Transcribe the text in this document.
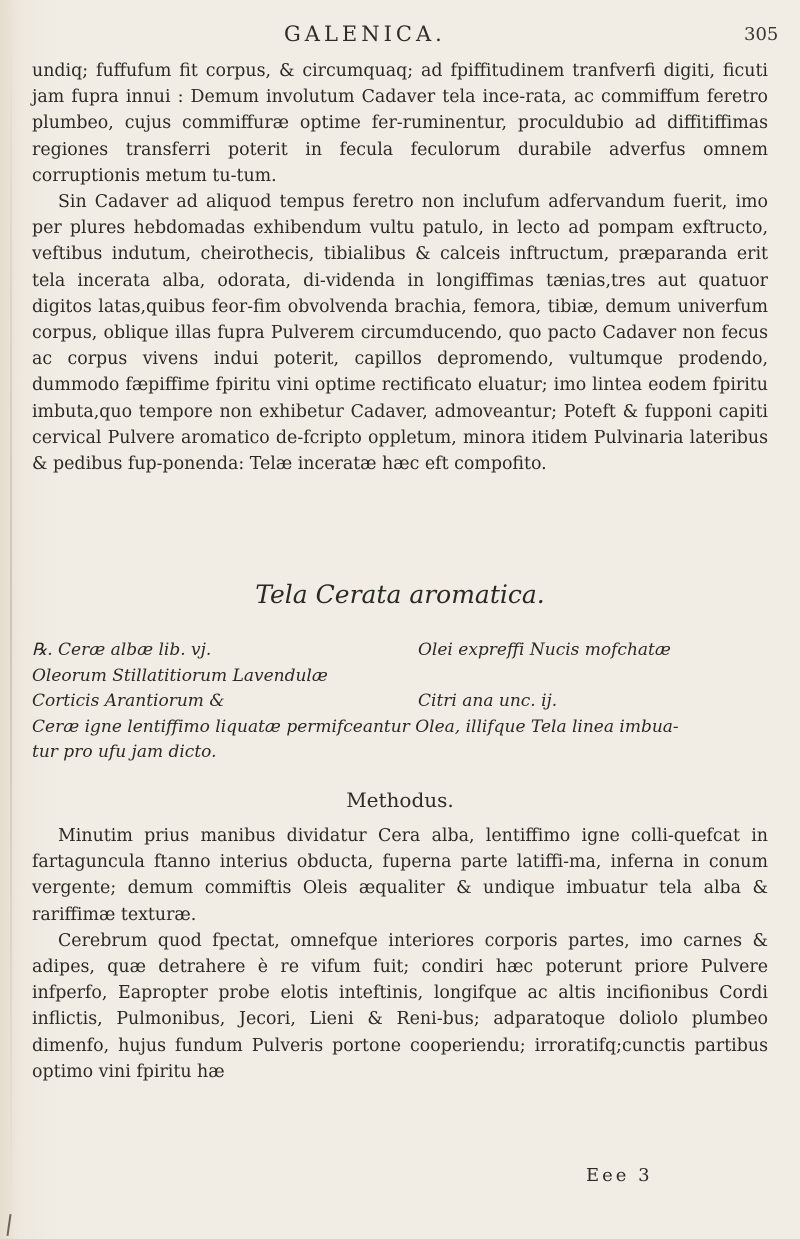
GALENICA.	305

undiq; fuffufum fit corpus, & circumquaq; ad fpiffitudinem tranfverfi digiti, ficuti jam fupra innui : Demum involutum Cadaver tela ince-rata, ac commiffum feretro plumbeo, cujus commiffuræ optime fer-ruminentur, proculdubio ad diffitiffimas regiones transferri poterit in fecula feculorum durabile adverfus omnem corruptionis metum tu-tum.

Sin Cadaver ad aliquod tempus feretro non inclufum adfervandum fuerit, imo per plures hebdomadas exhibendum vultu patulo, in lecto ad pompam exftructo, veftibus indutum, cheirothecis, tibialibus & calceis inftructum, præparanda erit tela incerata alba, odorata, di-videnda in longiffimas tænias,tres aut quatuor digitos latas,quibus feor-fim obvolvenda brachia, femora, tibiæ, demum univerfum corpus, oblique illas fupra Pulverem circumducendo, quo pacto Cadaver non fecus ac corpus vivens indui poterit, capillos depromendo, vultumque prodendo, dummodo fæpiffime fpiritu vini optime rectificato eluatur; imo lintea eodem fpiritu imbuta,quo tempore non exhibetur Cadaver, admoveantur; Poteft & fupponi capiti cervical Pulvere aromatico de-fcripto oppletum, minora itidem Pulvinaria lateribus & pedibus fup-ponenda: Telæ inceratæ hæc eft compofito.

Tela Cerata aromatica.
℞. Ceræ albæ lib. vj.	Olei expreffi Nucis mofchatæ
Oleorum Stillatitiorum Lavendulæ
Corticis Arantiorum &	Citri ana unc. ij.
Ceræ igne lentiffimo liquatæ permifceantur Olea, illifque Tela linea imbua-
tur pro ufu jam dicto.
Methodus.

Minutim prius manibus dividatur Cera alba, lentiffimo igne colli-quefcat in fartaguncula ftanno interius obducta, fuperna parte latiffi-ma, inferna in conum vergente; demum commiftis Oleis æqualiter & undique imbuatur tela alba & rariffimæ texturæ.

Cerebrum quod fpectat, omnefque interiores corporis partes, imo carnes & adipes, quæ detrahere è re vifum fuit; condiri hæc poterunt priore Pulvere infperfo, Eapropter probe elotis inteftinis, longifque ac altis incifionibus Cordi inflictis, Pulmonibus, Jecori, Lieni & Reni-bus; adparatoque doliolo plumbeo dimenfo, hujus fundum Pulveris portone cooperiendu; irroratifq;cunctis partibus optimo vini fpiritu hæ

Eee 3
